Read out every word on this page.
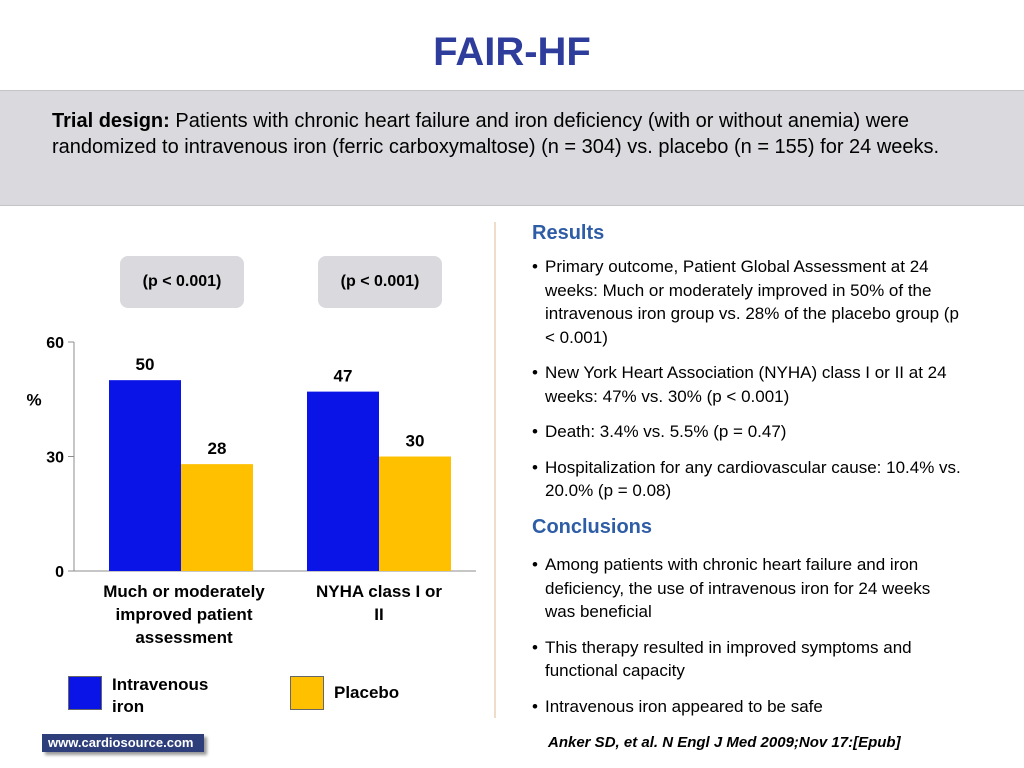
FAIR-HF
Trial design: Patients with chronic heart failure and iron deficiency (with or without anemia) were randomized to intravenous iron (ferric carboxymaltose) (n = 304) vs. placebo (n = 155) for 24 weeks.
(p < 0.001)	(p < 0.001)
0
30
60
%
50
28
47
30
Much or moderately improved patient assessment
NYHA class I or II
Intravenous iron
Placebo
Results
• Primary outcome, Patient Global Assessment at 24 weeks: Much or moderately improved in 50% of the intravenous iron group vs. 28% of the placebo group (p < 0.001)
• New York Heart Association (NYHA) class I or II at 24 weeks: 47% vs. 30% (p < 0.001)
• Death: 3.4% vs. 5.5% (p = 0.47)
• Hospitalization for any cardiovascular cause: 10.4% vs. 20.0% (p = 0.08)
Conclusions
• Among patients with chronic heart failure and iron deficiency, the use of intravenous iron for 24 weeks was beneficial
• This therapy resulted in improved symptoms and functional capacity
• Intravenous iron appeared to be safe
www.cardiosource.com	Anker SD, et al. N Engl J Med 2009;Nov 17:[Epub]
